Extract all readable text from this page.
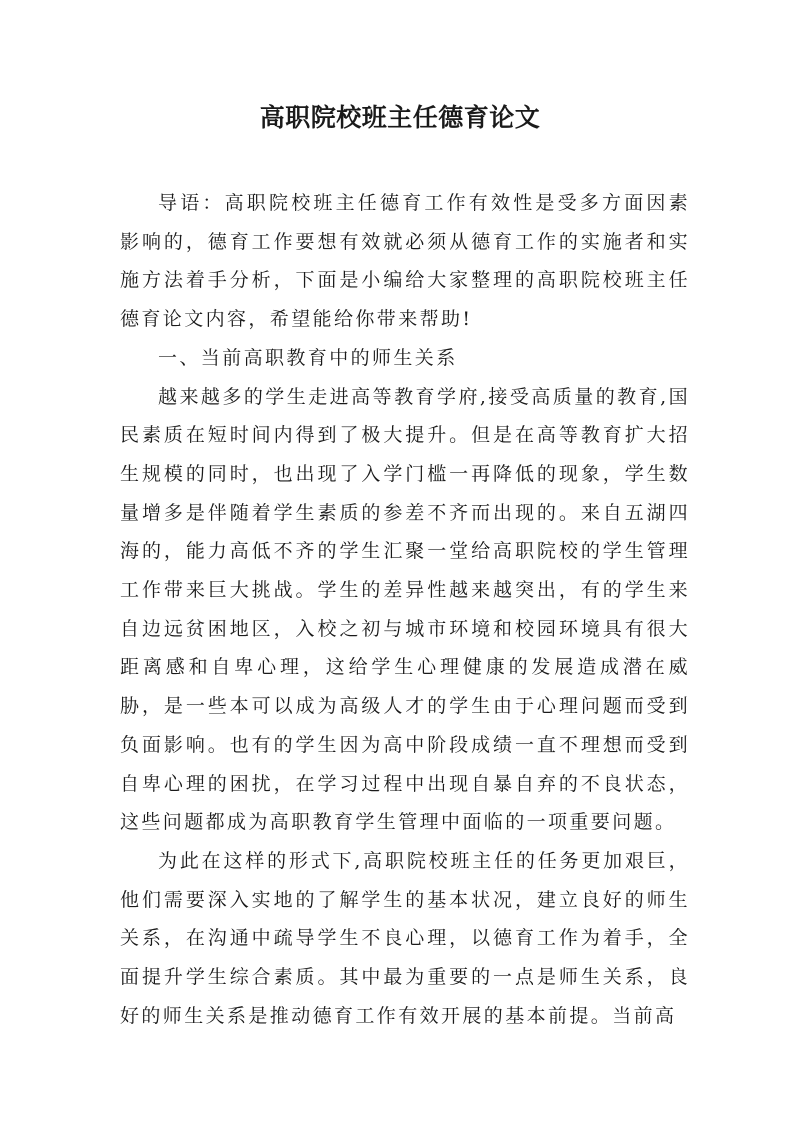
高职院校班主任德育论文

导语：高职院校班主任德育工作有效性是受多方面因素影响的，德育工作要想有效就必须从德育工作的实施者和实施方法着手分析，下面是小编给大家整理的高职院校班主任德育论文内容，希望能给你带来帮助!

一、当前高职教育中的师生关系

越来越多的学生走进高等教育学府,接受高质量的教育,国民素质在短时间内得到了极大提升。但是在高等教育扩大招生规模的同时，也出现了入学门槛一再降低的现象，学生数量增多是伴随着学生素质的参差不齐而出现的。来自五湖四海的，能力高低不齐的学生汇聚一堂给高职院校的学生管理工作带来巨大挑战。学生的差异性越来越突出，有的学生来自边远贫困地区，入校之初与城市环境和校园环境具有很大距离感和自卑心理，这给学生心理健康的发展造成潜在威胁，是一些本可以成为高级人才的学生由于心理问题而受到负面影响。也有的学生因为高中阶段成绩一直不理想而受到自卑心理的困扰，在学习过程中出现自暴自弃的不良状态，这些问题都成为高职教育学生管理中面临的一项重要问题。

为此在这样的形式下,高职院校班主任的任务更加艰巨，他们需要深入实地的了解学生的基本状况，建立良好的师生关系，在沟通中疏导学生不良心理，以德育工作为着手，全面提升学生综合素质。其中最为重要的一点是师生关系，良好的师生关系是推动德育工作有效开展的基本前提。当前高
